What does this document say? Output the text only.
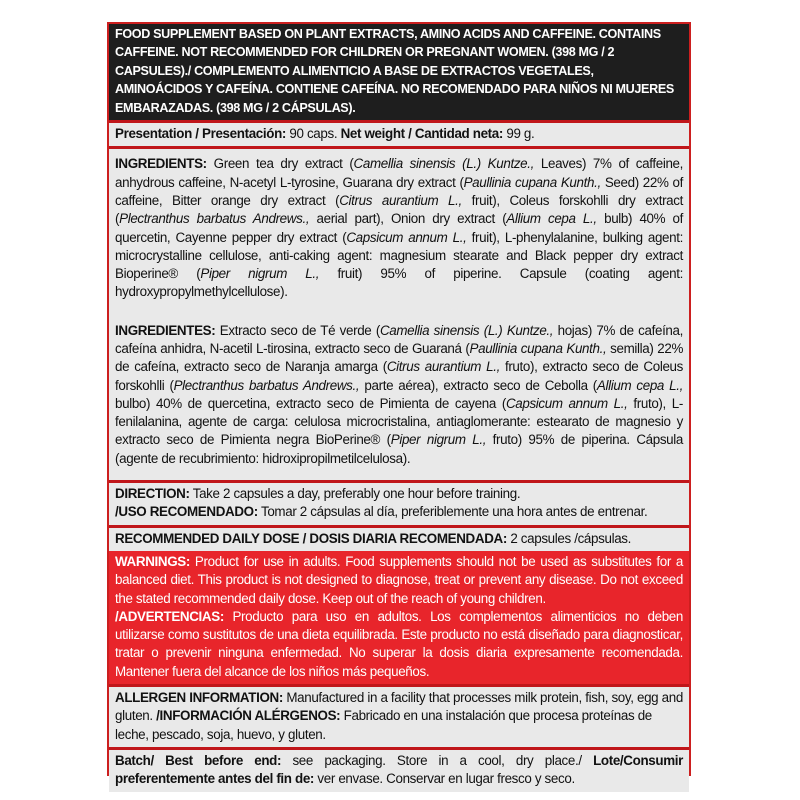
FOOD SUPPLEMENT BASED ON PLANT EXTRACTS, AMINO ACIDS AND CAFFEINE. CONTAINS CAFFEINE. NOT RECOMMENDED FOR CHILDREN OR PREGNANT WOMEN. (398 MG / 2 CAPSULES)./ COMPLEMENTO ALIMENTICIO A BASE DE EXTRACTOS VEGETALES, AMINOÁCIDOS Y CAFEÍNA. CONTIENE CAFEÍNA. NO RECOMENDADO PARA NIÑOS NI MUJERES EMBARAZADAS. (398 MG / 2 CÁPSULAS).

Presentation / Presentación: 90 caps. Net weight / Cantidad neta: 99 g.

INGREDIENTS: Green tea dry extract (Camellia sinensis (L.) Kuntze., Leaves) 7% of caffeine, anhydrous caffeine, N-acetyl L-tyrosine, Guarana dry extract (Paullinia cupana Kunth., Seed) 22% of caffeine, Bitter orange dry extract (Citrus aurantium L., fruit), Coleus forskohlli dry extract (Plectranthus barbatus Andrews., aerial part), Onion dry extract (Allium cepa L., bulb) 40% of quercetin, Cayenne pepper dry extract (Capsicum annum L., fruit), L-phenylalanine, bulking agent: microcrystalline cellulose, anti-caking agent: magnesium stearate and Black pepper dry extract Bioperine® (Piper nigrum L., fruit) 95% of piperine. Capsule (coating agent: hydroxypropylmethylcellulose).

INGREDIENTES: Extracto seco de Té verde (Camellia sinensis (L.) Kuntze., hojas) 7% de cafeína, cafeína anhidra, N-acetil L-tirosina, extracto seco de Guaraná (Paullinia cupana Kunth., semilla) 22% de cafeína, extracto seco de Naranja amarga (Citrus aurantium L., fruto), extracto seco de Coleus forskohlli (Plectranthus barbatus Andrews., parte aérea), extracto seco de Cebolla (Allium cepa L., bulbo) 40% de quercetina, extracto seco de Pimienta de cayena (Capsicum annum L., fruto), L-fenilalanina, agente de carga: celulosa microcristalina, antiaglomerante: estearato de magnesio y extracto seco de Pimienta negra BioPerine® (Piper nigrum L., fruto) 95% de piperina. Cápsula (agente de recubrimiento: hidroxipropilmetilcelulosa).

DIRECTION: Take 2 capsules a day, preferably one hour before training.

/USO RECOMENDADO: Tomar 2 cápsulas al día, preferiblemente una hora antes de entrenar.

RECOMMENDED DAILY DOSE / DOSIS DIARIA RECOMENDADA: 2 capsules /cápsulas.

WARNINGS: Product for use in adults. Food supplements should not be used as substitutes for a balanced diet. This product is not designed to diagnose, treat or prevent any disease. Do not exceed the stated recommended daily dose. Keep out of the reach of young children.

/ADVERTENCIAS: Producto para uso en adultos. Los complementos alimenticios no deben utilizarse como sustitutos de una dieta equilibrada. Este producto no está diseñado para diagnosticar, tratar o prevenir ninguna enfermedad. No superar la dosis diaria expresamente recomendada. Mantener fuera del alcance de los niños más pequeños.

ALLERGEN INFORMATION: Manufactured in a facility that processes milk protein, fish, soy, egg and gluten. /INFORMACIÓN ALÉRGENOS: Fabricado en una instalación que procesa proteínas de leche, pescado, soja, huevo, y gluten.

Batch/ Best before end: see packaging. Store in a cool, dry place./ Lote/Consumir preferentemente antes del fin de: ver envase. Conservar en lugar fresco y seco.
